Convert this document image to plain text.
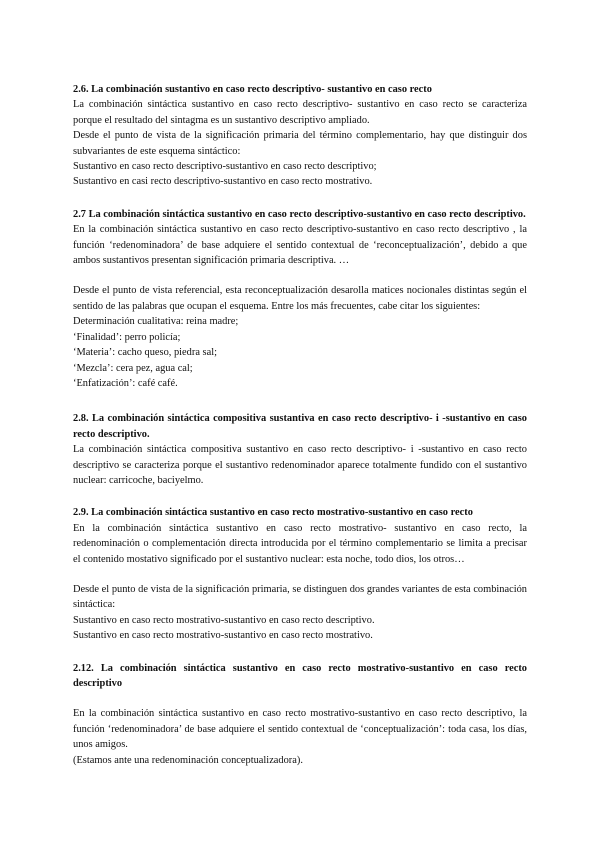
2.6. La combinación sustantivo en caso recto descriptivo- sustantivo en caso recto
La combinación sintáctica sustantivo en caso recto descriptivo- sustantivo en caso recto se caracteriza porque el resultado del sintagma es un sustantivo descriptivo ampliado.
Desde el punto de vista de la significación primaria del término complementario, hay que distinguir dos subvariantes de este esquema sintáctico:
Sustantivo en caso recto descriptivo-sustantivo en caso recto descriptivo;
Sustantivo en casi recto descriptivo-sustantivo en caso recto mostrativo.
2.7 La combinación sintáctica sustantivo en caso recto descriptivo-sustantivo en caso recto descriptivo.
En la combinación sintáctica sustantivo en caso recto descriptivo-sustantivo en caso recto descriptivo , la función ‘redenominadora’ de base adquiere el sentido contextual de ‘reconceptualización’, debido a que ambos sustantivos presentan significación primaria descriptiva. …
Desde el punto de vista referencial, esta reconceptualización desarolla matices nocionales distintas según el sentido de las palabras que ocupan el esquema. Entre los más frecuentes, cabe citar los siguientes:
Determinación cualitativa: reina madre;
‘Finalidad’: perro policía;
‘Materia’: cacho queso, piedra sal;
‘Mezcla’: cera pez, agua cal;
‘Enfatización’: café café.
2.8. La combinación sintáctica compositiva sustantiva en caso recto descriptivo- i -sustantivo en caso recto descriptivo.
La combinación sintáctica compositiva sustantivo en caso recto descriptivo- i -sustantivo en caso recto descriptivo se caracteriza porque el sustantivo redenominador aparece totalmente fundido con el sustantivo nuclear: carricoche, baciyelmo.
2.9. La combinación sintáctica sustantivo en caso recto mostrativo-sustantivo en caso recto
En la combinación sintáctica sustantivo en caso recto mostrativo- sustantivo en caso recto, la redenominación o complementación directa introducida por el término complementario se limita a precisar el contenido mostativo significado por el sustantivo nuclear: esta noche, todo dios, los otros…
Desde el punto de vista de la significación primaria, se distinguen dos grandes variantes de esta combinación sintáctica:
Sustantivo en caso recto mostrativo-sustantivo en caso recto descriptivo.
Sustantivo en caso recto mostrativo-sustantivo en caso recto mostrativo.
2.12. La combinación sintáctica sustantivo en caso recto mostrativo-sustantivo en caso recto descriptivo
En la combinación sintáctica sustantivo en caso recto mostrativo-sustantivo en caso recto descriptivo, la función ‘redenominadora’ de base adquiere el sentido contextual de ‘conceptualización’: toda casa, los días, unos amigos.
(Estamos ante una redenominación conceptualizadora).
